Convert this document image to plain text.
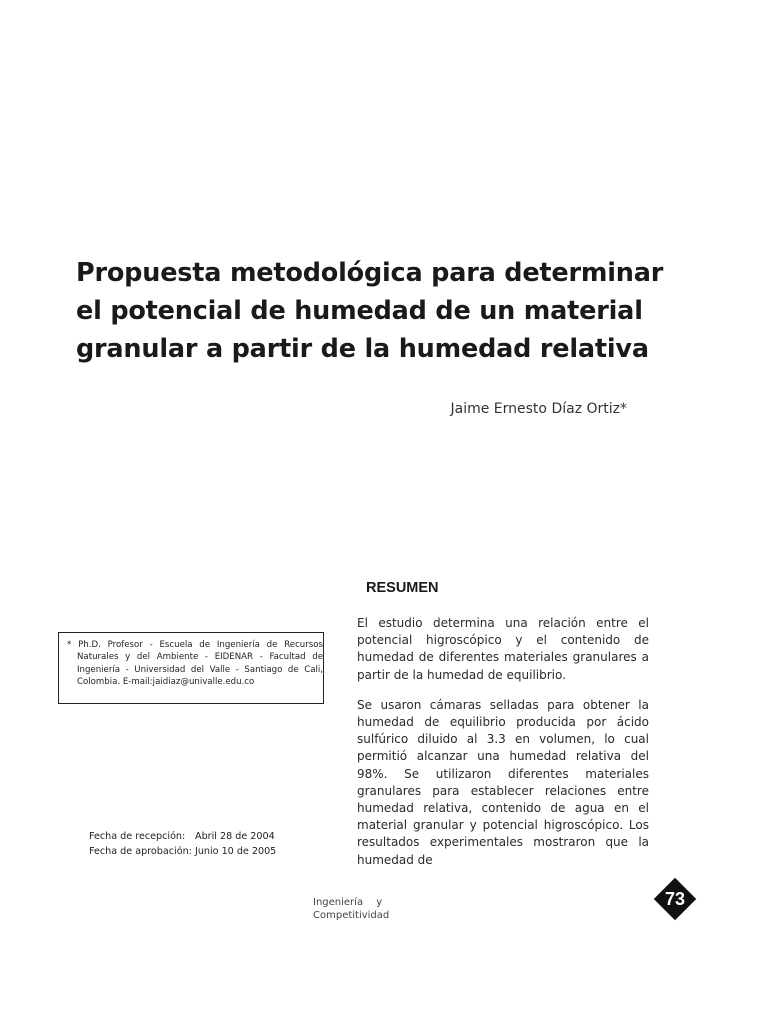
Propuesta metodológica para determinar
el potencial de humedad de un material
granular a partir de la humedad relativa
Jaime Ernesto Díaz Ortiz*

* Ph.D. Profesor - Escuela de Ingeniería de Recursos Naturales y del Ambiente - EIDENAR - Facultad de Ingeniería - Universidad del Valle - Santiago de Cali, Colombia. E-mail:jaidiaz@univalle.edu.co

RESUMEN

El estudio determina una relación entre el potencial higroscópico y el contenido de humedad de diferentes materiales granulares a partir de la humedad de equilibrio.

Se usaron cámaras selladas para obtener la humedad de equilibrio producida por ácido sulfúrico diluido al 3.3 en volumen, lo cual permitió alcanzar una humedad relativa del 98%. Se utilizaron diferentes materiales granulares para establecer relaciones entre humedad relativa, contenido de agua en el material granular y potencial higroscópico. Los resultados experimentales mostraron que la humedad de

Fecha de recepción: Abril 28 de 2004
Fecha de aprobación: Junio 10 de 2005
Ingeniería y
Competitividad
73
